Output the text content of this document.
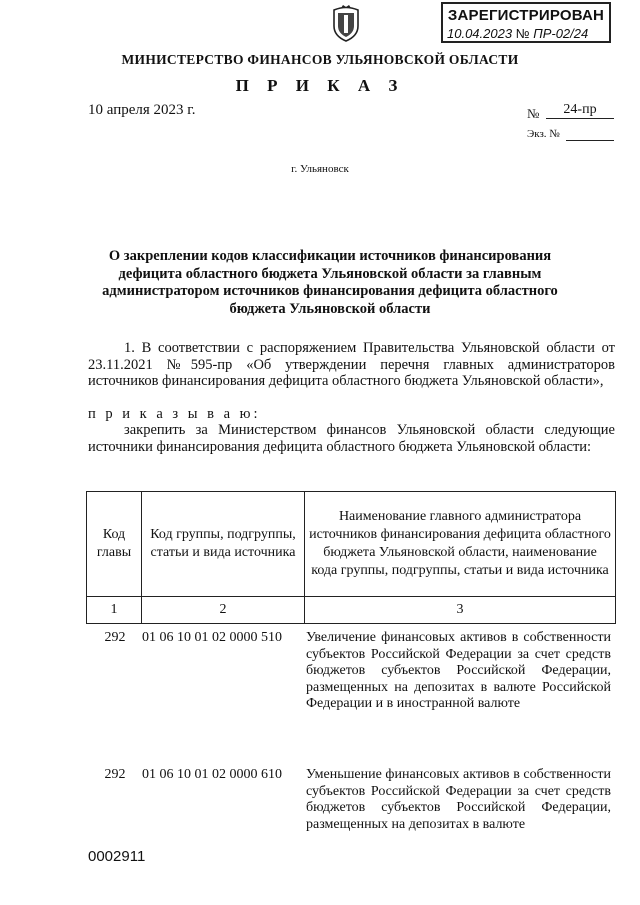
ЗАРЕГИСТРИРОВАН
10.04.2023 № ПР-02/24
МИНИСТЕРСТВО ФИНАНСОВ УЛЬЯНОВСКОЙ ОБЛАСТИ
П Р И К А З
10 апреля 2023 г.	№	24-пр
Экз. №
г. Ульяновск
О закреплении кодов классификации источников финансирования дефицита областного бюджета Ульяновской области за главным администратором источников финансирования дефицита областного бюджета Ульяновской области
1. В соответствии с распоряжением Правительства Ульяновской области от 23.11.2021 №595-пр «Об утверждении перечня главных администраторов источников финансирования дефицита областного бюджета Ульяновской области»,
п р и к а з ы в а ю:
закрепить за Министерством финансов Ульяновской области следующие источники финансирования дефицита областного бюджета Ульяновской области:
Код главы	Код группы, подгруппы, статьи и вида источника	Наименование главного администратора источников финансирования дефицита областного бюджета Ульяновской области, наименование кода группы, подгруппы, статьи и вида источника
1	2	3
292	01 06 10 01 02 0000 510	Увеличение финансовых активов в собственности субъектов Российской Федерации за счет средств бюджетов субъектов Российской Федерации, размещенных на депозитах в валюте Российской Федерации и в иностранной валюте
292	01 06 10 01 02 0000 610	Уменьшение финансовых активов в собственности субъектов Российской Федерации за счет средств бюджетов субъектов Российской Федерации, размещенных на депозитах в валюте
0002911
